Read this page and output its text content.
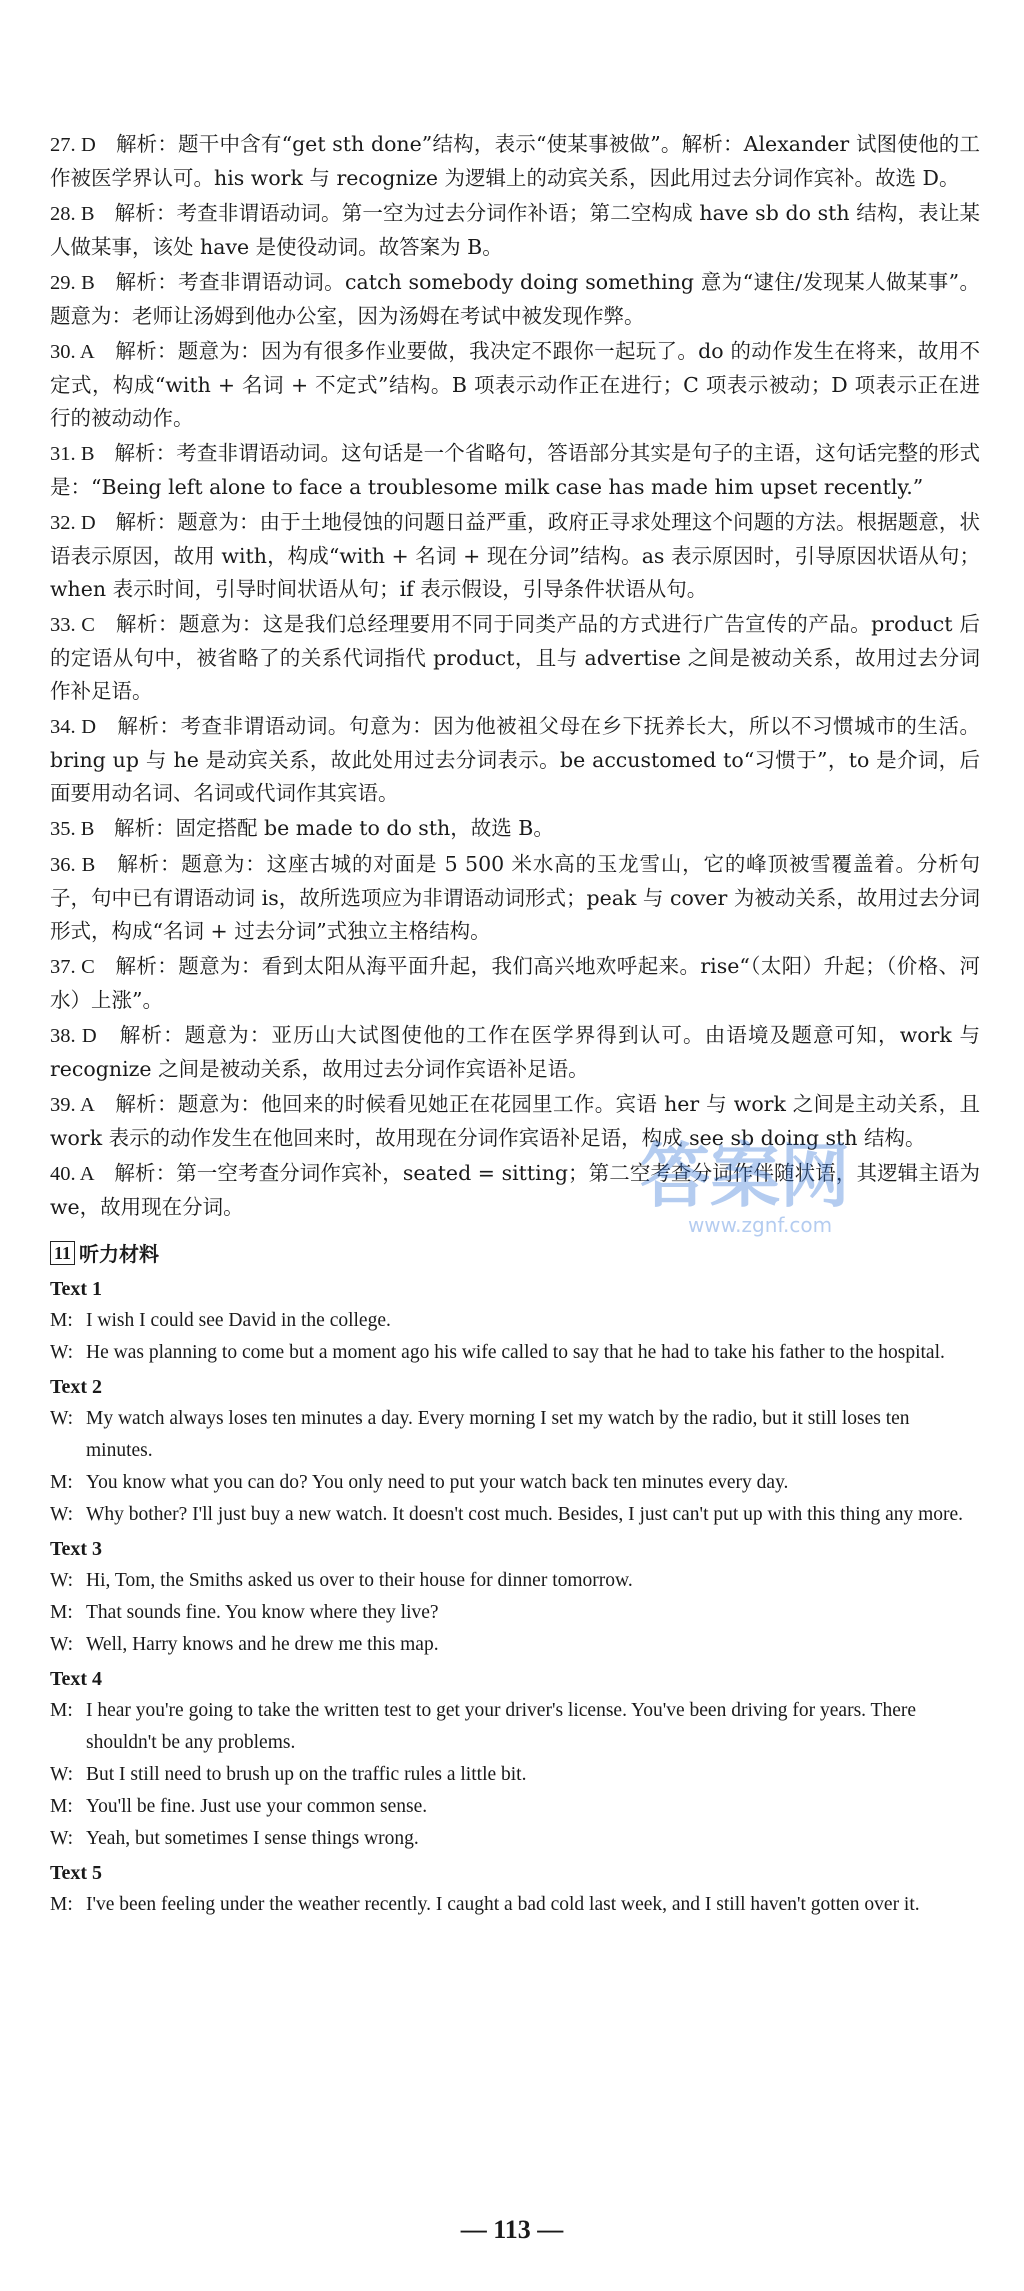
27. D 解析：题干中含有“get sth done”结构，表示“使某事被做”。解析：Alexander 试图使他的工作被医学界认可。his work 与 recognize 为逻辑上的动宾关系，因此用过去分词作宾补。故选 D。

28. B 解析：考查非谓语动词。第一空为过去分词作补语；第二空构成 have sb do sth 结构，表让某人做某事，该处 have 是使役动词。故答案为 B。

29. B 解析：考查非谓语动词。catch somebody doing something 意为“逮住/发现某人做某事”。题意为：老师让汤姆到他办公室，因为汤姆在考试中被发现作弊。

30. A 解析：题意为：因为有很多作业要做，我决定不跟你一起玩了。do 的动作发生在将来，故用不定式，构成“with + 名词 + 不定式”结构。B 项表示动作正在进行；C 项表示被动；D 项表示正在进行的被动动作。

31. B 解析：考查非谓语动词。这句话是一个省略句，答语部分其实是句子的主语，这句话完整的形式是：“Being left alone to face a troublesome milk case has made him upset recently.”

32. D 解析：题意为：由于土地侵蚀的问题日益严重，政府正寻求处理这个问题的方法。根据题意，状语表示原因，故用 with，构成“with + 名词 + 现在分词”结构。as 表示原因时，引导原因状语从句；when 表示时间，引导时间状语从句；if 表示假设，引导条件状语从句。

33. C 解析：题意为：这是我们总经理要用不同于同类产品的方式进行广告宣传的产品。product 后的定语从句中，被省略了的关系代词指代 product，且与 advertise 之间是被动关系，故用过去分词作补足语。

34. D 解析：考查非谓语动词。句意为：因为他被祖父母在乡下抚养长大，所以不习惯城市的生活。bring up 与 he 是动宾关系，故此处用过去分词表示。be accustomed to“习惯于”，to 是介词，后面要用动名词、名词或代词作其宾语。

35. B 解析：固定搭配 be made to do sth，故选 B。

36. B 解析：题意为：这座古城的对面是 5 500 米水高的玉龙雪山，它的峰顶被雪覆盖着。分析句子，句中已有谓语动词 is，故所选项应为非谓语动词形式；peak 与 cover 为被动关系，故用过去分词形式，构成“名词 + 过去分词”式独立主格结构。

37. C 解析：题意为：看到太阳从海平面升起，我们高兴地欢呼起来。rise“（太阳）升起；（价格、河水）上涨”。

38. D 解析：题意为：亚历山大试图使他的工作在医学界得到认可。由语境及题意可知，work 与 recognize 之间是被动关系，故用过去分词作宾语补足语。

39. A 解析：题意为：他回来的时候看见她正在花园里工作。宾语 her 与 work 之间是主动关系，且 work 表示的动作发生在他回来时，故用现在分词作宾语补足语，构成 see sb doing sth 结构。

40. A 解析：第一空考查分词作宾补，seated = sitting；第二空考查分词作伴随状语，其逻辑主语为 we，故用现在分词。

11 听力材料
Text 1
M: I wish I could see David in the college.
W: He was planning to come but a moment ago his wife called to say that he had to take his father to the hospital.
Text 2
W: My watch always loses ten minutes a day. Every morning I set my watch by the radio, but it still loses ten minutes.
M: You know what you can do? You only need to put your watch back ten minutes every day.
W: Why bother? I'll just buy a new watch. It doesn't cost much. Besides, I just can't put up with this thing any more.
Text 3
W: Hi, Tom, the Smiths asked us over to their house for dinner tomorrow.
M: That sounds fine. You know where they live?
W: Well, Harry knows and he drew me this map.
Text 4
M: I hear you're going to take the written test to get your driver's license. You've been driving for years. There shouldn't be any problems.
W: But I still need to brush up on the traffic rules a little bit.
M: You'll be fine. Just use your common sense.
W: Yeah, but sometimes I sense things wrong.
Text 5
M: I've been feeling under the weather recently. I caught a bad cold last week, and I still haven't gotten over it.
答案网
www.zgnf.com
— 113 —
